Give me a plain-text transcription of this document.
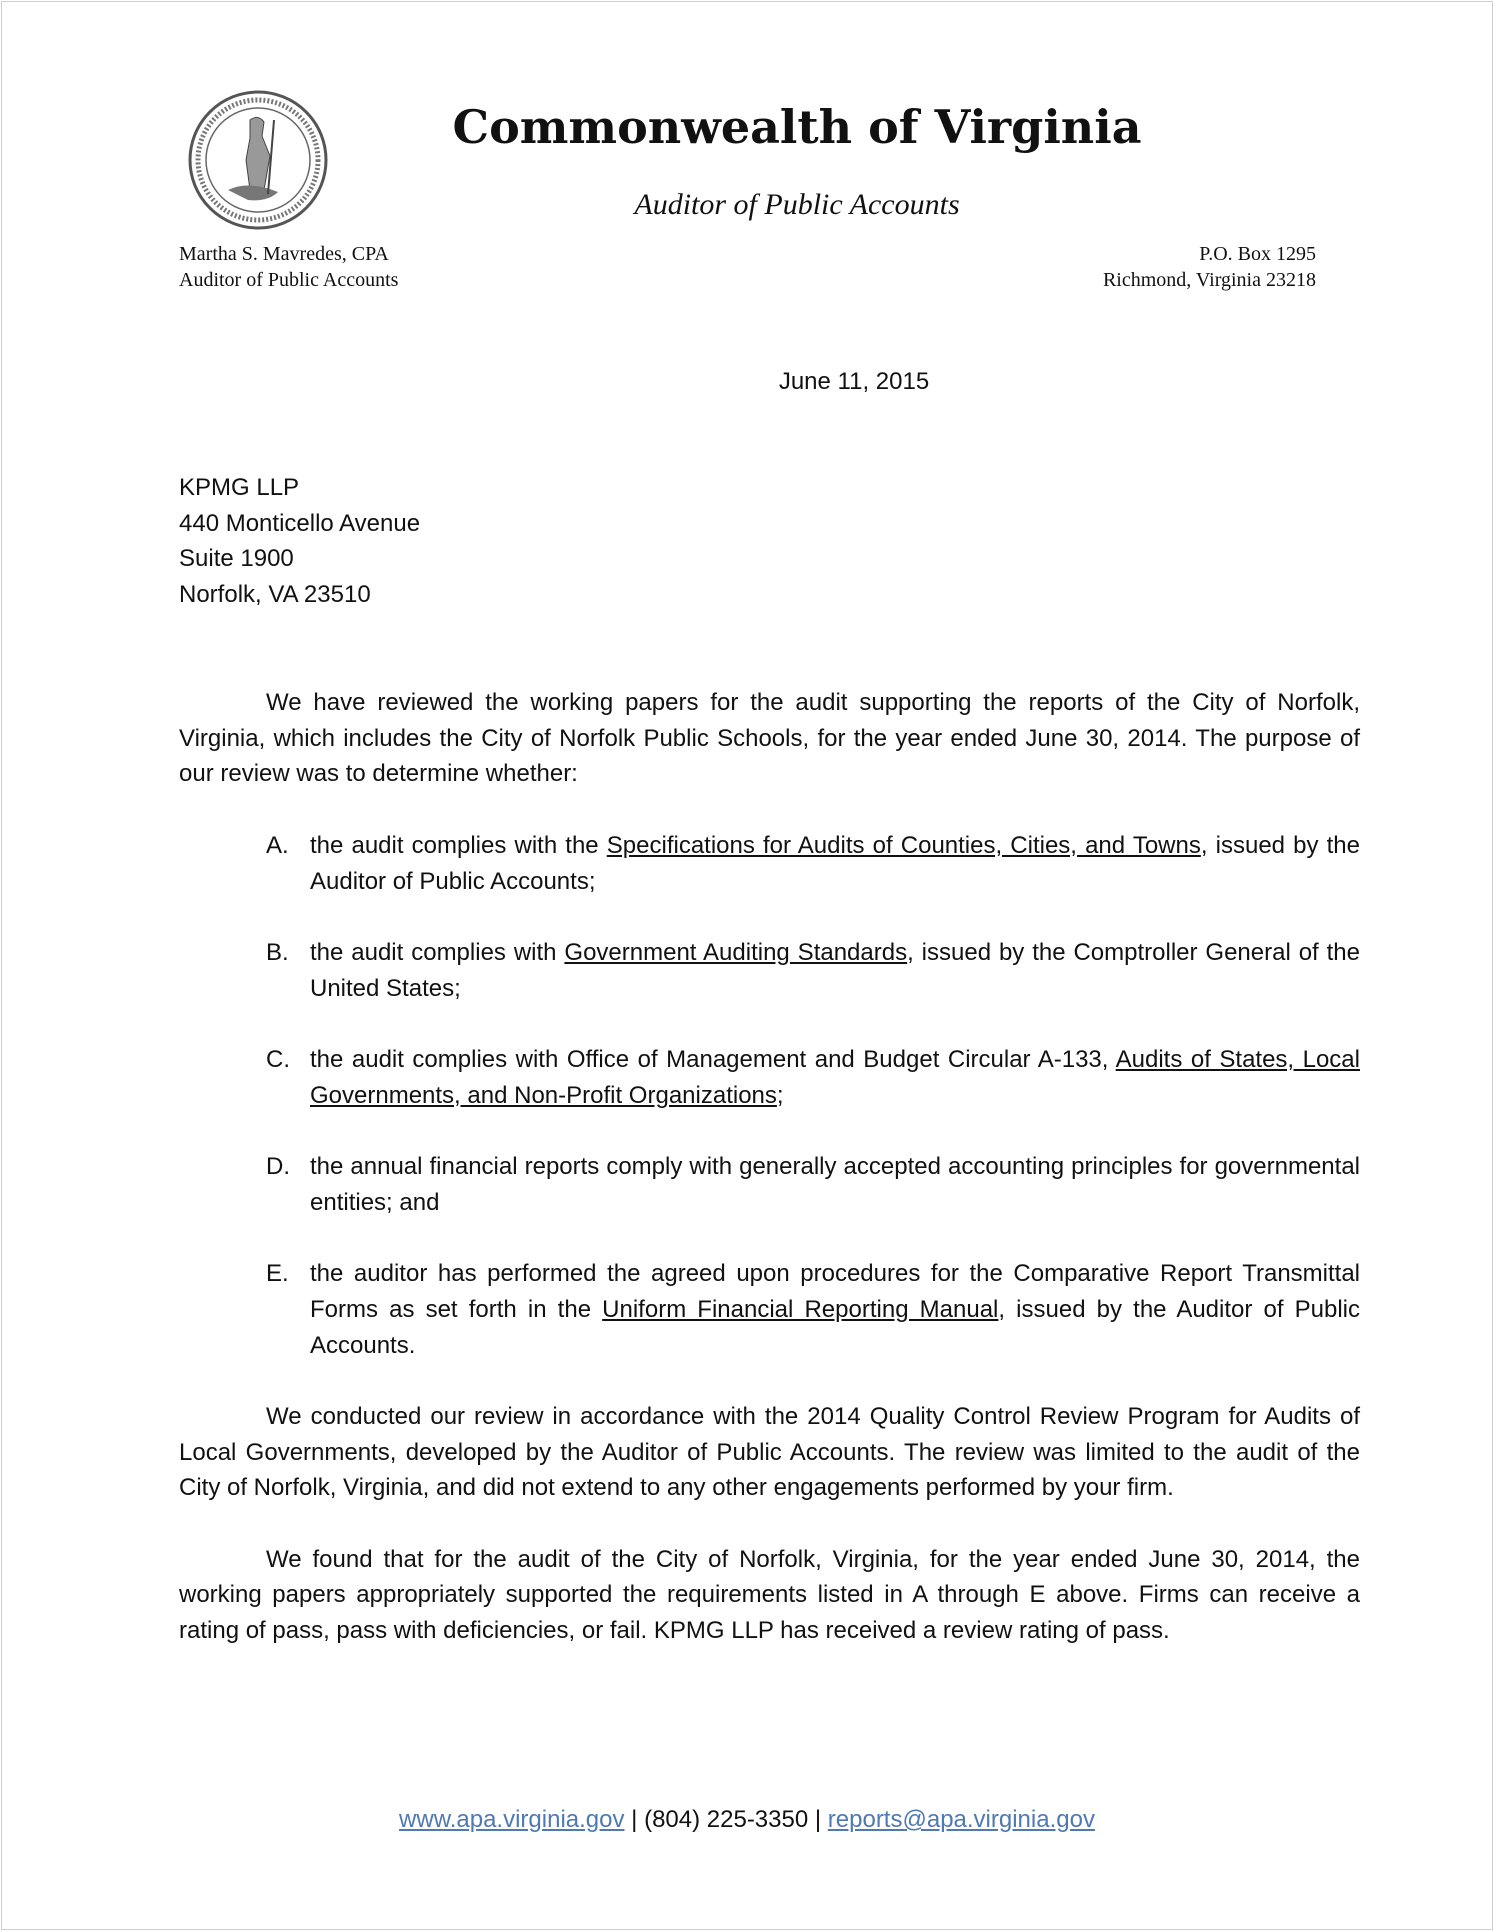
Commonwealth of Virginia
Auditor of Public Accounts
Martha S. Mavredes, CPA
Auditor of Public Accounts
P.O. Box 1295
Richmond, Virginia 23218
June 11, 2015
KPMG LLP
440 Monticello Avenue
Suite 1900
Norfolk, VA 23510

We have reviewed the working papers for the audit supporting the reports of the City of Norfolk, Virginia, which includes the City of Norfolk Public Schools, for the year ended June 30, 2014. The purpose of our review was to determine whether:

A. the audit complies with the Specifications for Audits of Counties, Cities, and Towns, issued by the Auditor of Public Accounts;
B. the audit complies with Government Auditing Standards, issued by the Comptroller General of the United States;
C. the audit complies with Office of Management and Budget Circular A-133, Audits of States, Local Governments, and Non-Profit Organizations;
D. the annual financial reports comply with generally accepted accounting principles for governmental entities; and
E. the auditor has performed the agreed upon procedures for the Comparative Report Transmittal Forms as set forth in the Uniform Financial Reporting Manual, issued by the Auditor of Public Accounts.

We conducted our review in accordance with the 2014 Quality Control Review Program for Audits of Local Governments, developed by the Auditor of Public Accounts. The review was limited to the audit of the City of Norfolk, Virginia, and did not extend to any other engagements performed by your firm.

We found that for the audit of the City of Norfolk, Virginia, for the year ended June 30, 2014, the working papers appropriately supported the requirements listed in A through E above. Firms can receive a rating of pass, pass with deficiencies, or fail. KPMG LLP has received a review rating of pass.

www.apa.virginia.gov | (804) 225-3350 | reports@apa.virginia.gov
